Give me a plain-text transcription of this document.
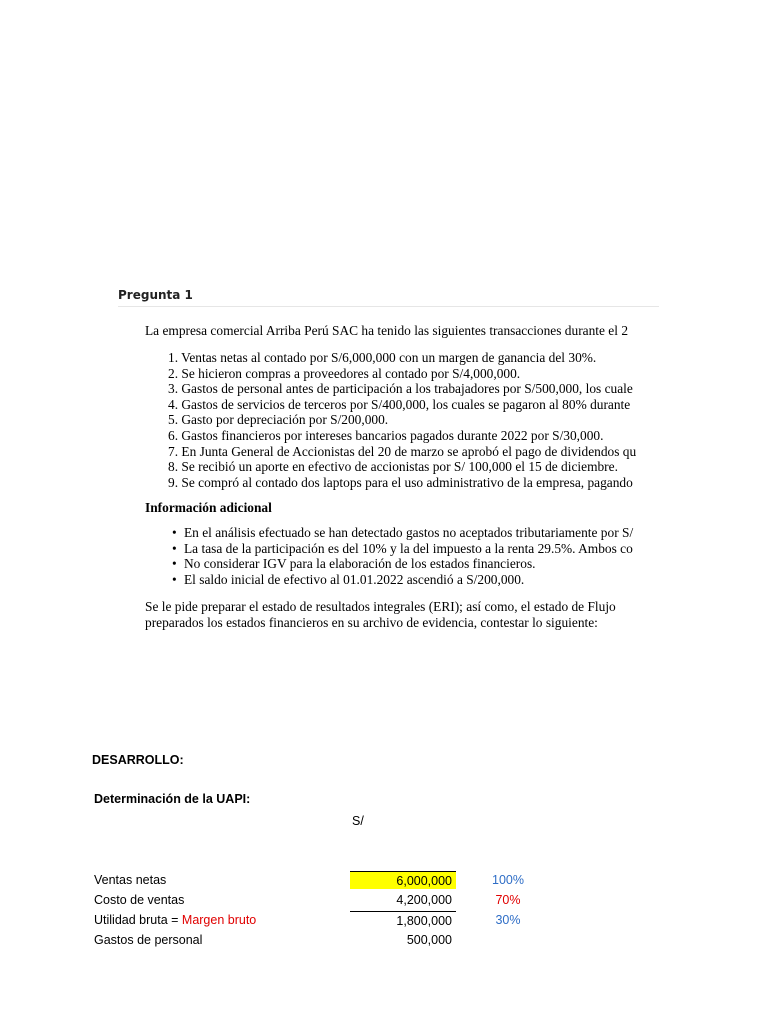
Pregunta 1
La empresa comercial Arriba Perú SAC ha tenido las siguientes transacciones durante el 2
1. Ventas netas al contado por S/6,000,000 con un margen de ganancia del 30%.
2. Se hicieron compras a proveedores al contado por S/4,000,000.
3. Gastos de personal antes de participación a los trabajadores por S/500,000, los cuale
4. Gastos de servicios de terceros por S/400,000, los cuales se pagaron al 80% durante
5. Gasto por depreciación por S/200,000.
6. Gastos financieros por intereses bancarios pagados durante 2022 por S/30,000.
7. En Junta General de Accionistas del 20 de marzo se aprobó el pago de dividendos qu
8. Se recibió un aporte en efectivo de accionistas por S/ 100,000 el 15 de diciembre.
9. Se compró al contado dos laptops para el uso administrativo de la empresa, pagando
Información adicional
• En el análisis efectuado se han detectado gastos no aceptados tributariamente por S/
• La tasa de la participación es del 10% y la del impuesto a la renta 29.5%. Ambos co
• No considerar IGV para la elaboración de los estados financieros.
• El saldo inicial de efectivo al 01.01.2022 ascendió a S/200,000.
Se le pide preparar el estado de resultados integrales (ERI); así como, el estado de Flujo
preparados los estados financieros en su archivo de evidencia, contestar lo siguiente:
DESARROLLO:
Determinación de la UAPI:
S/
Ventas netas	6,000,000	100%
Costo de ventas	4,200,000	70%
Utilidad bruta = Margen bruto	1,800,000	30%
Gastos de personal	500,000
